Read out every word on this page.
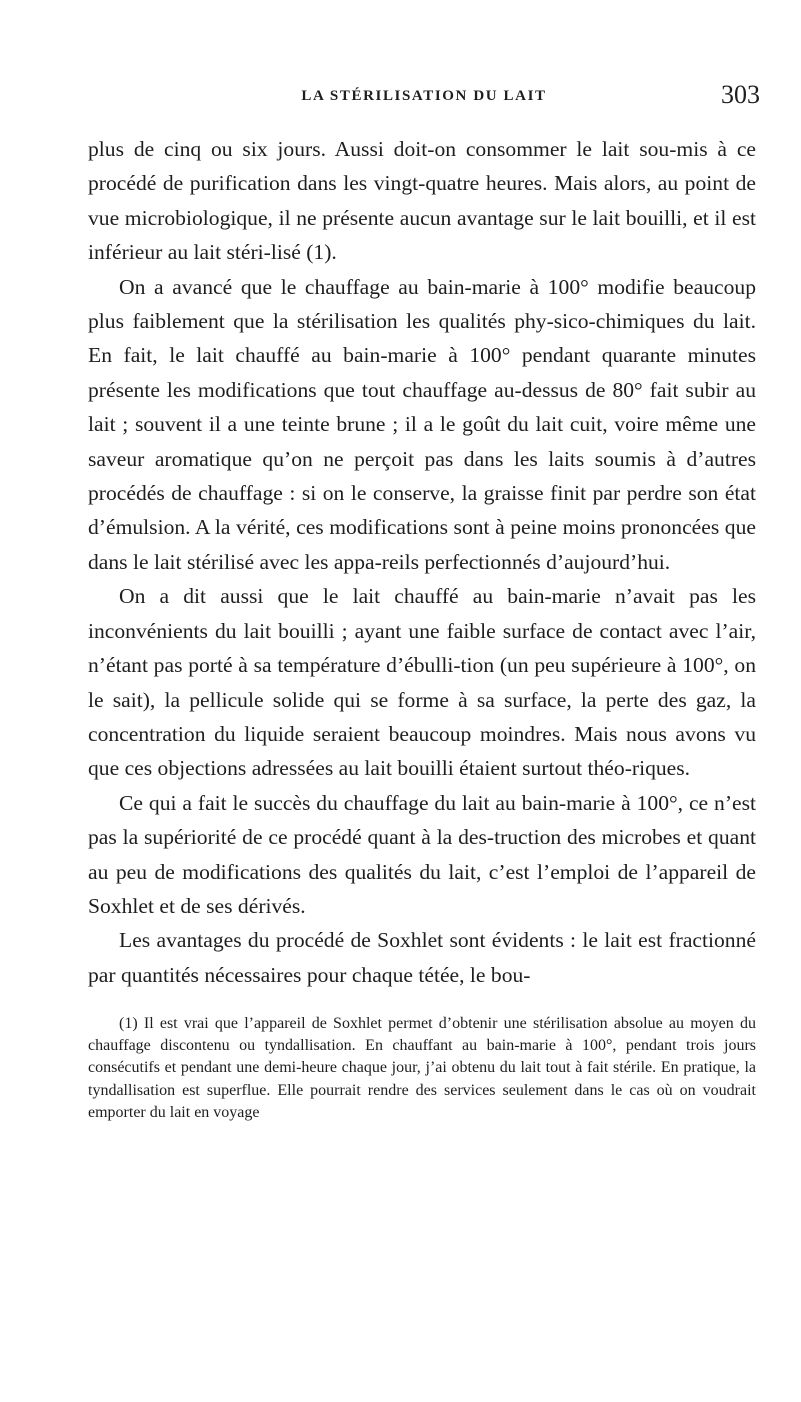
LA STÉRILISATION DU LAIT	303

plus de cinq ou six jours. Aussi doit-on consommer le lait sou-mis à ce procédé de purification dans les vingt-quatre heures. Mais alors, au point de vue microbiologique, il ne présente aucun avantage sur le lait bouilli, et il est inférieur au lait stéri-lisé (1).

On a avancé que le chauffage au bain-marie à 100° modifie beaucoup plus faiblement que la stérilisation les qualités phy-sico-chimiques du lait. En fait, le lait chauffé au bain-marie à 100° pendant quarante minutes présente les modifications que tout chauffage au-dessus de 80° fait subir au lait ; souvent il a une teinte brune ; il a le goût du lait cuit, voire même une saveur aromatique qu’on ne perçoit pas dans les laits soumis à d’autres procédés de chauffage : si on le conserve, la graisse finit par perdre son état d’émulsion. A la vérité, ces modifications sont à peine moins prononcées que dans le lait stérilisé avec les appa-reils perfectionnés d’aujourd’hui.

On a dit aussi que le lait chauffé au bain-marie n’avait pas les inconvénients du lait bouilli ; ayant une faible surface de contact avec l’air, n’étant pas porté à sa température d’ébulli-tion (un peu supérieure à 100°, on le sait), la pellicule solide qui se forme à sa surface, la perte des gaz, la concentration du liquide seraient beaucoup moindres. Mais nous avons vu que ces objections adressées au lait bouilli étaient surtout théo-riques.

Ce qui a fait le succès du chauffage du lait au bain-marie à 100°, ce n’est pas la supériorité de ce procédé quant à la des-truction des microbes et quant au peu de modifications des qualités du lait, c’est l’emploi de l’appareil de Soxhlet et de ses dérivés.

Les avantages du procédé de Soxhlet sont évidents : le lait est fractionné par quantités nécessaires pour chaque tétée, le bou-

(1) Il est vrai que l’appareil de Soxhlet permet d’obtenir une stérilisation absolue au moyen du chauffage discontenu ou tyndallisation. En chauffant au bain-marie à 100°, pendant trois jours consécutifs et pendant une demi-heure chaque jour, j’ai obtenu du lait tout à fait stérile. En pratique, la tyndallisation est superflue. Elle pourrait rendre des services seulement dans le cas où on voudrait emporter du lait en voyage
